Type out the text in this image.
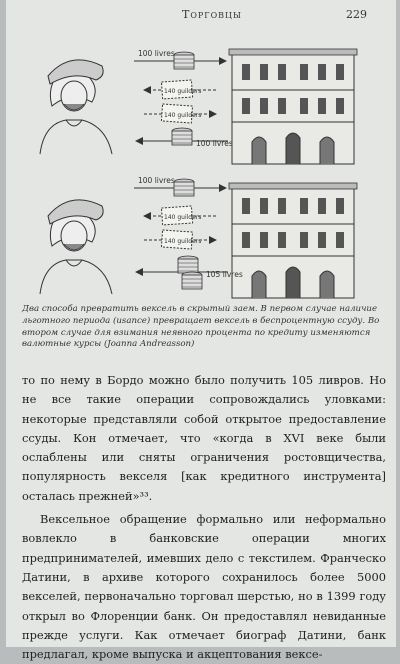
Торговцы	229
100 livres
140 guilders
140 guilders
100 livres
100 livres
140 guilders
140 guilders
105 livres
Два способа превратить вексель в скрытый заем. В первом случае наличие льготного периода (usance) превращает вексель в беспроцентную ссуду. Во втором случае для взимания неявного процента по кредиту изменяются валютные курсы (Joanna Andreasson)

то по нему в Бордо можно было получить 105 ливров. Но не все такие операции сопровождались уловками: некоторые представляли собой открытое предоставление ссуды. Кон отмечает, что «когда в XVI веке были ослаблены или сняты ограничения ростовщичества, популярность векселя [как кредитного инструмента] осталась прежней»³³.

Вексельное обращение формально или неформально вовлекло в банковские операции многих предпринимателей, имевших дело с текстилем. Франческо Датини, в архиве которого сохранилось более 5000 векселей, первоначально торговал шерстью, но в 1399 году открыл во Флоренции банк. Он предоставлял невиданные прежде услуги. Как отмечает биограф Датини, банк предлагал, кроме выпуска и акцептования вексе-
